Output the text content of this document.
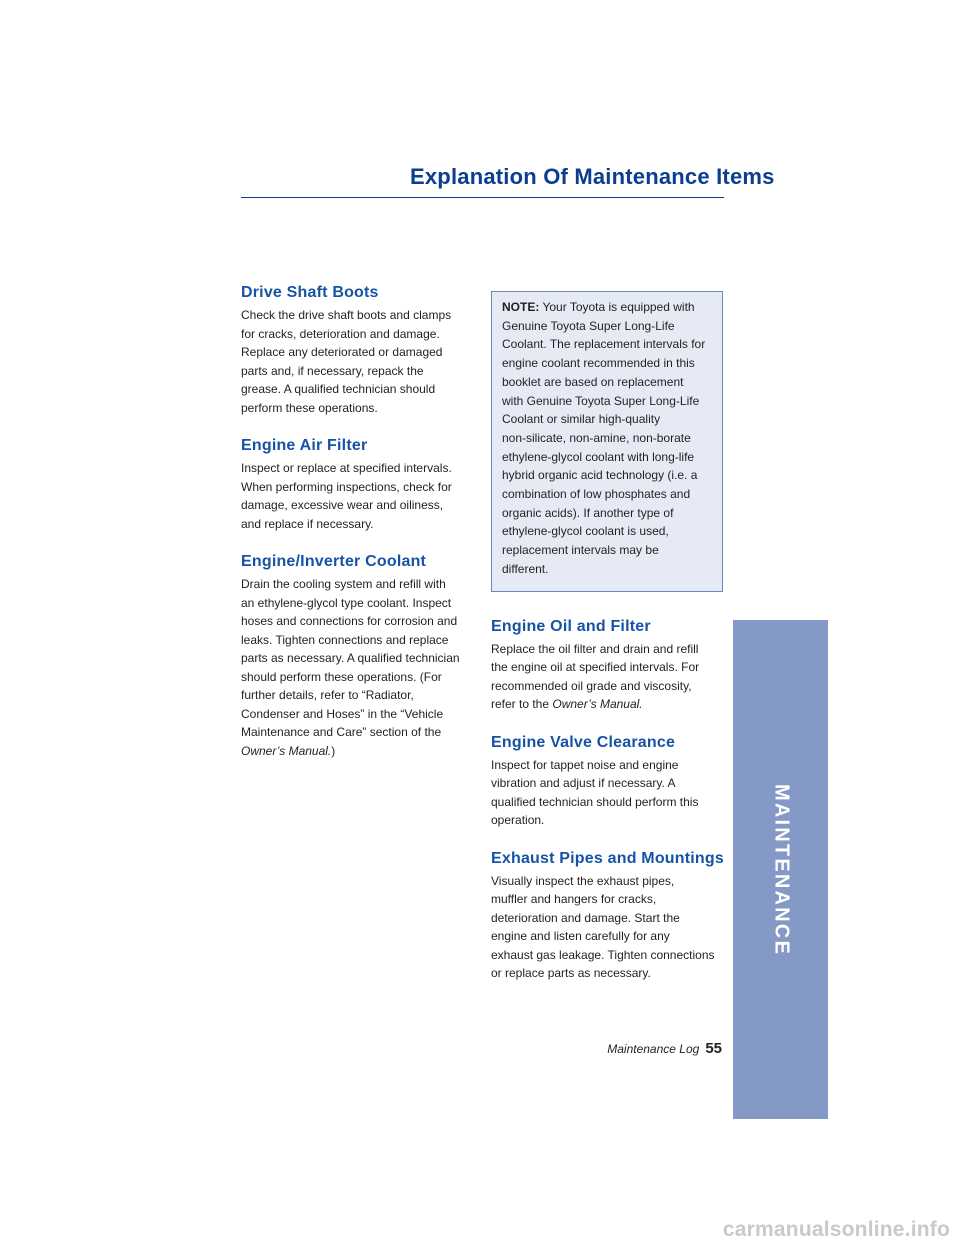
Explanation Of Maintenance Items
Drive Shaft Boots

Check the drive shaft boots and clamps
for cracks, deterioration and damage.
Replace any deteriorated or damaged
parts and, if necessary, repack the
grease. A qualified technician should
perform these operations.

Engine Air Filter

Inspect or replace at specified intervals.
When performing inspections, check for
damage, excessive wear and oiliness,
and replace if necessary.

Engine/Inverter Coolant

Drain the cooling system and refill with
an ethylene-glycol type coolant. Inspect
hoses and connections for corrosion and
leaks. Tighten connections and replace
parts as necessary. A qualified technician
should perform these operations. (For
further details, refer to “Radiator,
Condenser and Hoses” in the “Vehicle
Maintenance and Care” section of the
Owner’s Manual.)

NOTE: Your Toyota is equipped with
Genuine Toyota Super Long-Life
Coolant. The replacement intervals for
engine coolant recommended in this
booklet are based on replacement
with Genuine Toyota Super Long-Life
Coolant or similar high-quality
non-silicate, non-amine, non-borate
ethylene-glycol coolant with long-life
hybrid organic acid technology (i.e. a
combination of low phosphates and
organic acids). If another type of
ethylene-glycol coolant is used,
replacement intervals may be
different.
Engine Oil and Filter

Replace the oil filter and drain and refill
the engine oil at specified intervals. For
recommended oil grade and viscosity,
refer to the Owner’s Manual.

Engine Valve Clearance

Inspect for tappet noise and engine
vibration and adjust if necessary. A
qualified technician should perform this
operation.

Exhaust Pipes and Mountings

Visually inspect the exhaust pipes,
muffler and hangers for cracks,
deterioration and damage. Start the
engine and listen carefully for any
exhaust gas leakage. Tighten connections
or replace parts as necessary.

MAINTENANCE
Maintenance Log 55
carmanualsonline.info
